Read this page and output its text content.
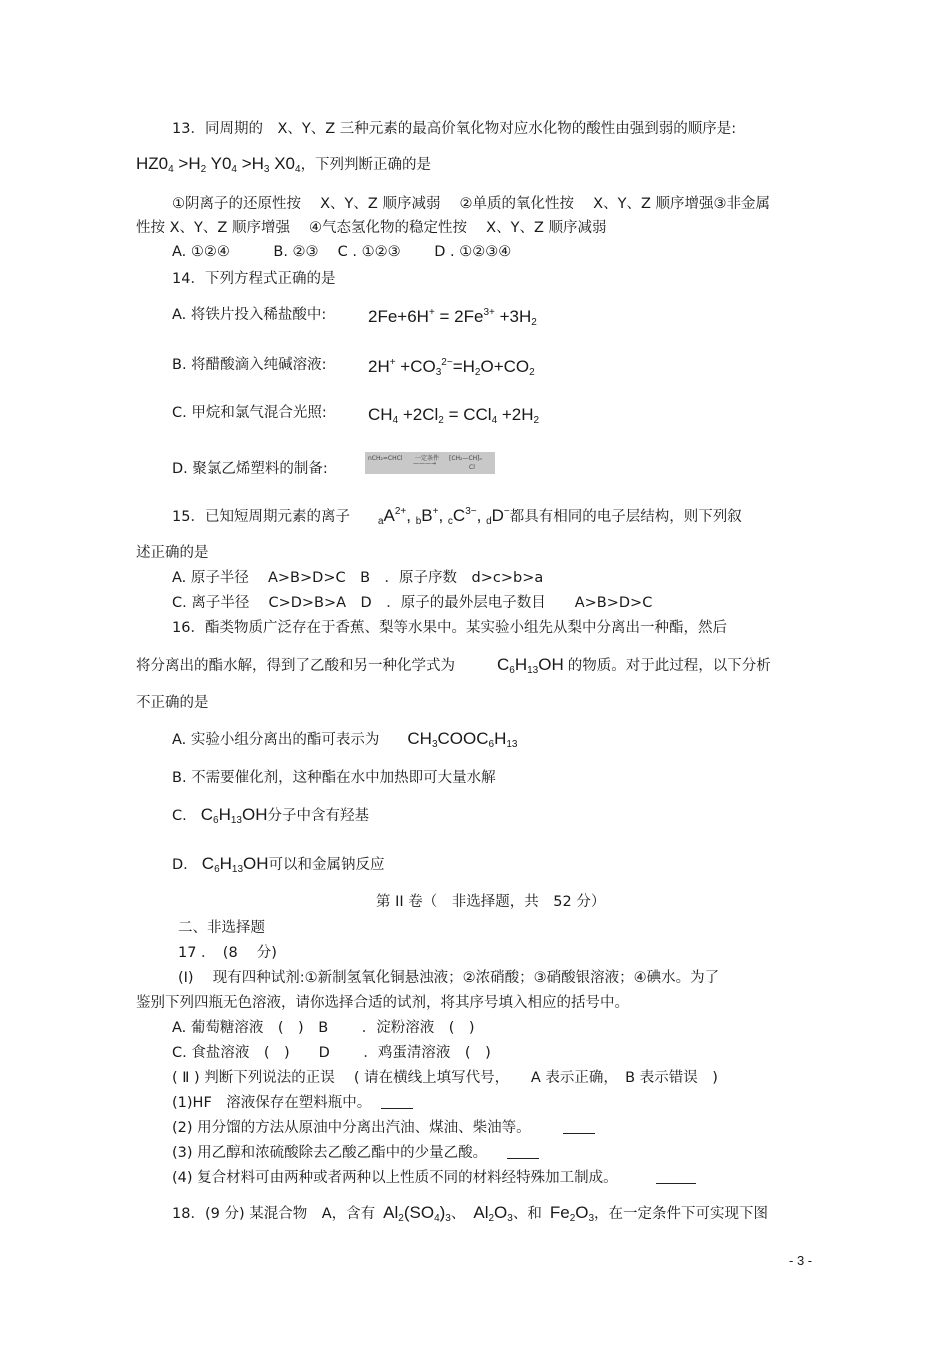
13．同周期的　X、Y、Z 三种元素的最高价氧化物对应水化物的酸性由强到弱的顺序是:
$HZ0_4 >H_2$ $Y0_4 >H_3$ $X0_4$，下列判断正确的是
①阴离子的还原性按　 X、Y、Z 顺序减弱　 ②单质的氧化性按　 X、Y、Z 顺序增强③非金属
性按 X、Y、Z 顺序增强　 ④气态氢化物的稳定性按　 X、Y、Z 顺序减弱
A. ①②④　　　B. ②③　 C . ①②③　　 D . ①②③④
14．下列方程式正确的是
A. 将铁片投入稀盐酸中: $2Fe+6H^+ = 2Fe^{3+} +3H_2$
B. 将醋酸滴入纯碱溶液: $2H^+ +CO_3^{2-}=H_2O+CO_2$
C. 甲烷和氯气混合光照: $CH_4 +2Cl_2 = CCl_4 +2H_2$
D. 聚氯乙烯塑料的制备:
nCH₂=CHCl
———→
一定条件 [CH₂—CH]ₙ
Cl
15．已知短周期元素的离子	$_aA^{2+}$, $_b$B+, $_cC^{3-}$, $_d$D−都具有相同的电子层结构，则下列叙
述正确的是
A. 原子半径　 A>B>D>C　B　．原子序数　d>c>b>a
C. 离子半径　 C>D>B>A　D　．原子的最外层电子数目　　A>B>D>C
16．酯类物质广泛存在于香蕉、梨等水果中。某实验小组先从梨中分离出一种酯，然后
将分离出的酯水解，得到了乙酸和另一种化学式为 $C_6H_{13}OH$ 的物质。对于此过程，以下分析
不正确的是
A. 实验小组分离出的酯可表示为 $CH_3COOC_6H_{13}$
B. 不需要催化剂，这种酯在水中加热即可大量水解
C. $C_6H_{13}OH$分子中含有羟基
D. $C_6H_{13}OH$可以和金属钠反应
第 II 卷（　非选择题，共　52 分）
二、非选择题
17 ．　(8　 分)
(I)　 现有四种试剂:①新制氢氧化铜悬浊液；②浓硝酸；③硝酸银溶液；④碘水。为了
鉴别下列四瓶无色溶液，请你选择合适的试剂，将其序号填入相应的括号中。
A. 葡萄糖溶液　(　)　B　　 ．淀粉溶液　(　)
C. 食盐溶液　(　)　　D　　 ．鸡蛋清溶液　(　)
( Ⅱ ) 判断下列说法的正误　 ( 请在横线上填写代号，　　A 表示正确，　B 表示错误　)
(1)HF　溶液保存在塑料瓶中。
(2) 用分馏的方法从原油中分离出汽油、煤油、柴油等。
(3) 用乙醇和浓硫酸除去乙酸乙酯中的少量乙酸。
(4) 复合材料可由两种或者两种以上性质不同的材料经特殊加工制成。
18．(9 分) 某混合物　A，含有 $Al_2(SO_4)_3$、 $Al_2O_3$、和 $Fe_2O_3$，在一定条件下可实现下图
- 3 -
